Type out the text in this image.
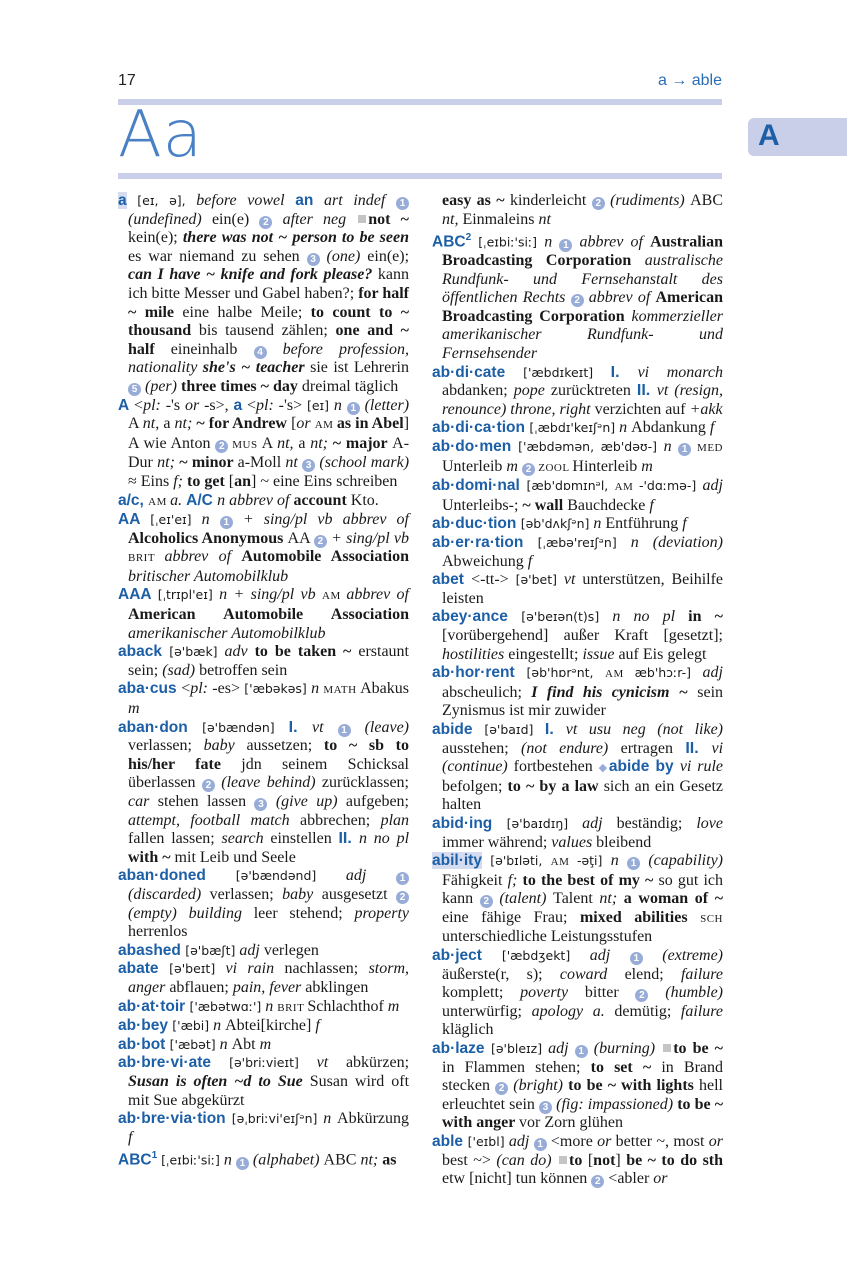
17	a → able
Aa	A
a [eɪ, ə], before vowel an art indef 1 (undefined) ein(e) 2 after neg not ~ kein(e); there was not ~ person to be seen es war niemand zu sehen 3 (one) ein(e); can I have ~ knife and fork please? kann ich bitte Messer und Gabel haben?; for half ~ mile eine halbe Meile; to count to ~ thousand bis tausend zählen; one and ~ half eineinhalb 4 before profession, nationality she's ~ teacher sie ist Lehrerin 5 (per) three times ~ day dreimal täglich
A <pl: -'s or -s>, a <pl: -'s> [eɪ] n 1 (letter) A nt, a nt; ~ for Andrew [or AM as in Abel] A wie Anton 2 MUS A nt, a nt; ~ major A-Dur nt; ~ minor a-Moll nt 3 (school mark) ≈ Eins f; to get [an] ~ eine Eins schreiben
a/c, AM a. A/C n abbrev of account Kto.
AA [ˌeɪ'eɪ] n 1 + sing/pl vb abbrev of Alcoholics Anonymous AA 2 + sing/pl vb BRIT abbrev of Automobile Association britischer Automobilklub
AAA [ˌtrɪpl'eɪ] n + sing/pl vb AM abbrev of American Automobile Association amerikanischer Automobilklub
aback [ə'bæk] adv to be taken ~ erstaunt sein; (sad) betroffen sein
aba·cus <pl: -es> ['æbəkəs] n MATH Abakus m
aban·don [ə'bændən] I. vt 1 (leave) verlassen; baby aussetzen; to ~ sb to his/her fate jdn seinem Schicksal überlassen 2 (leave behind) zurücklassen; car stehen lassen 3 (give up) aufgeben; attempt, football match abbrechen; plan fallen lassen; search einstellen II. n no pl with ~ mit Leib und Seele
aban·doned [ə'bændənd] adj 1 (discarded) verlassen; baby ausgesetzt 2 (empty) building leer stehend; property herrenlos
abashed [ə'bæʃt] adj verlegen
abate [ə'beɪt] vi rain nachlassen; storm, anger abflauen; pain, fever abklingen
ab·at·toir ['æbətwɑː'] n BRIT Schlachthof m
ab·bey ['æbi] n Abtei[kirche] f
ab·bot ['æbət] n Abt m
ab·bre·vi·ate [ə'briːvieɪt] vt abkürzen; Susan is often ~d to Sue Susan wird oft mit Sue abgekürzt
ab·bre·via·tion [əˌbriːvi'eɪʃᵊn] n Abkürzung f
ABC$^1$ [ˌeɪbiː'siː] n 1 (alphabet) ABC nt; as
easy as ~ kinderleicht 2 (rudiments) ABC nt, Einmaleins nt
ABC$^2$ [ˌeɪbiː'siː] n 1 abbrev of Australian Broadcasting Corporation australische Rundfunk- und Fernsehanstalt des öffentlichen Rechts 2 abbrev of American Broadcasting Corporation kommerzieller amerikanischer Rundfunk- und Fernsehsender
ab·di·cate ['æbdɪkeɪt] I. vi monarch abdanken; pope zurücktreten II. vt (resign, renounce) throne, right verzichten auf +akk
ab·di·ca·tion [ˌæbdɪ'keɪʃᵊn] n Abdankung f
ab·do·men ['æbdəmən, æb'dəʊ-] n 1 MED Unterleib m 2 ZOOL Hinterleib m
ab·domi·nal [æb'dɒmɪnᵊl, AM -'dɑːmə-] adj Unterleibs-; ~ wall Bauchdecke f
ab·duc·tion [əb'dʌkʃᵊn] n Entführung f
ab·er·ra·tion [ˌæbə'reɪʃᵊn] n (deviation) Abweichung f
abet <-tt-> [ə'bet] vt unterstützen, Beihilfe leisten
abey·ance [ə'beɪən(t)s] n no pl in ~ [vorübergehend] außer Kraft [gesetzt]; hostilities eingestellt; issue auf Eis gelegt
ab·hor·rent [əb'hɒrᵊnt, AM æb'hɔːr-] adj abscheulich; I find his cynicism ~ sein Zynismus ist mir zuwider
abide [ə'baɪd] I. vt usu neg (not like) ausstehen; (not endure) ertragen II. vi (continue) fortbestehen ◆abide by vi rule befolgen; to ~ by a law sich an ein Gesetz halten
abid·ing [ə'baɪdɪŋ] adj beständig; love immer während; values bleibend
abil·ity [ə'bɪləti, AM -əţi] n 1 (capability) Fähigkeit f; to the best of my ~ so gut ich kann 2 (talent) Talent nt; a woman of ~ eine fähige Frau; mixed abilities SCH unterschiedliche Leistungsstufen
ab·ject ['æbdʒekt] adj 1 (extreme) äußerste(r, s); coward elend; failure komplett; poverty bitter 2 (humble) unterwürfig; apology a. demütig; failure kläglich
ab·laze [ə'bleɪz] adj 1 (burning) to be ~ in Flammen stehen; to set ~ in Brand stecken 2 (bright) to be ~ with lights hell erleuchtet sein 3 (fig: impassioned) to be ~ with anger vor Zorn glühen
able ['eɪbl] adj 1 <more or better ~, most or best ~> (can do) to [not] be ~ to do sth etw [nicht] tun können 2 <abler or
